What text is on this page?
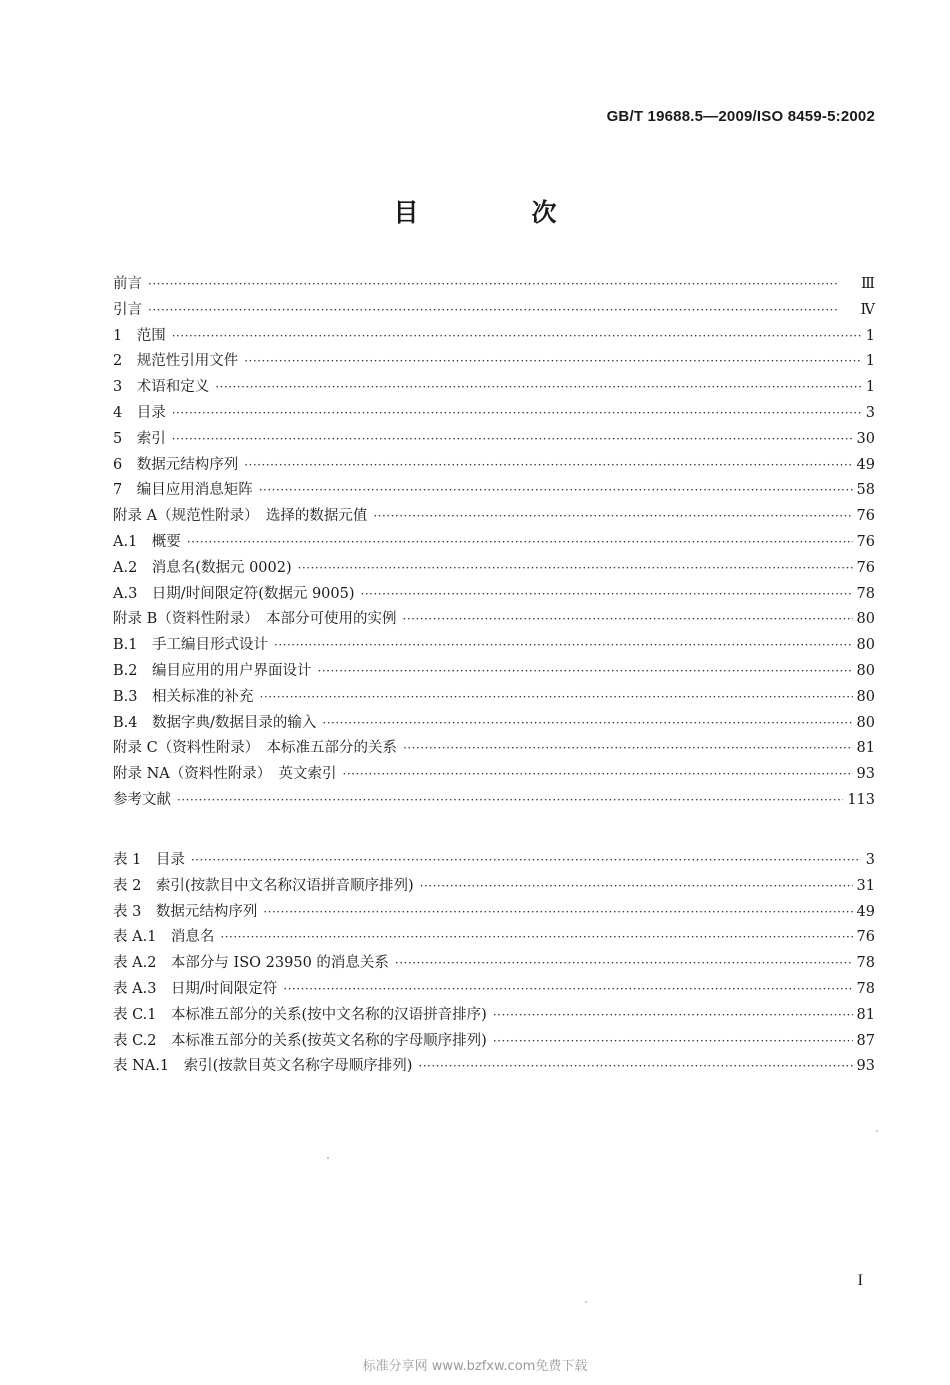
GB/T 19688.5—2009/ISO 8459-5:2002
目　次
前言 ·····	Ⅲ
引言 ·····	Ⅳ
1　范围 ·····	1
2　规范性引用文件 ·····	1
3　术语和定义 ·····	1
4　目录 ·····	3
5　索引 ·····	30
6　数据元结构序列 ·····	49
7　编目应用消息矩阵 ·····	58
附录 A（规范性附录）　选择的数据元值 ·····	76
A.1　概要 ·····	76
A.2　消息名(数据元 0002) ·····	76
A.3　日期/时间限定符(数据元 9005) ·····	78
附录 B（资料性附录）　本部分可使用的实例 ·····	80
B.1　手工编目形式设计 ·····	80
B.2　编目应用的用户界面设计 ·····	80
B.3　相关标准的补充 ·····	80
B.4　数据字典/数据目录的输入 ·····	80
附录 C（资料性附录）　本标准五部分的关系 ·····	81
附录 NA（资料性附录）　英文索引 ·····	93
参考文献 ·····	113
表 1　目录 ·····	3
表 2　索引(按款目中文名称汉语拼音顺序排列) ·····	31
表 3　数据元结构序列 ·····	49
表 A.1　消息名 ·····	76
表 A.2　本部分与 ISO 23950 的消息关系 ·····	78
表 A.3　日期/时间限定符 ·····	78
表 C.1　本标准五部分的关系(按中文名称的汉语拼音排序) ·····	81
表 C.2　本标准五部分的关系(按英文名称的字母顺序排列) ·····	87
表 NA.1　索引(按款目英文名称字母顺序排列) ·····	93
I
标准分享网 www.bzfxw.com免费下载
